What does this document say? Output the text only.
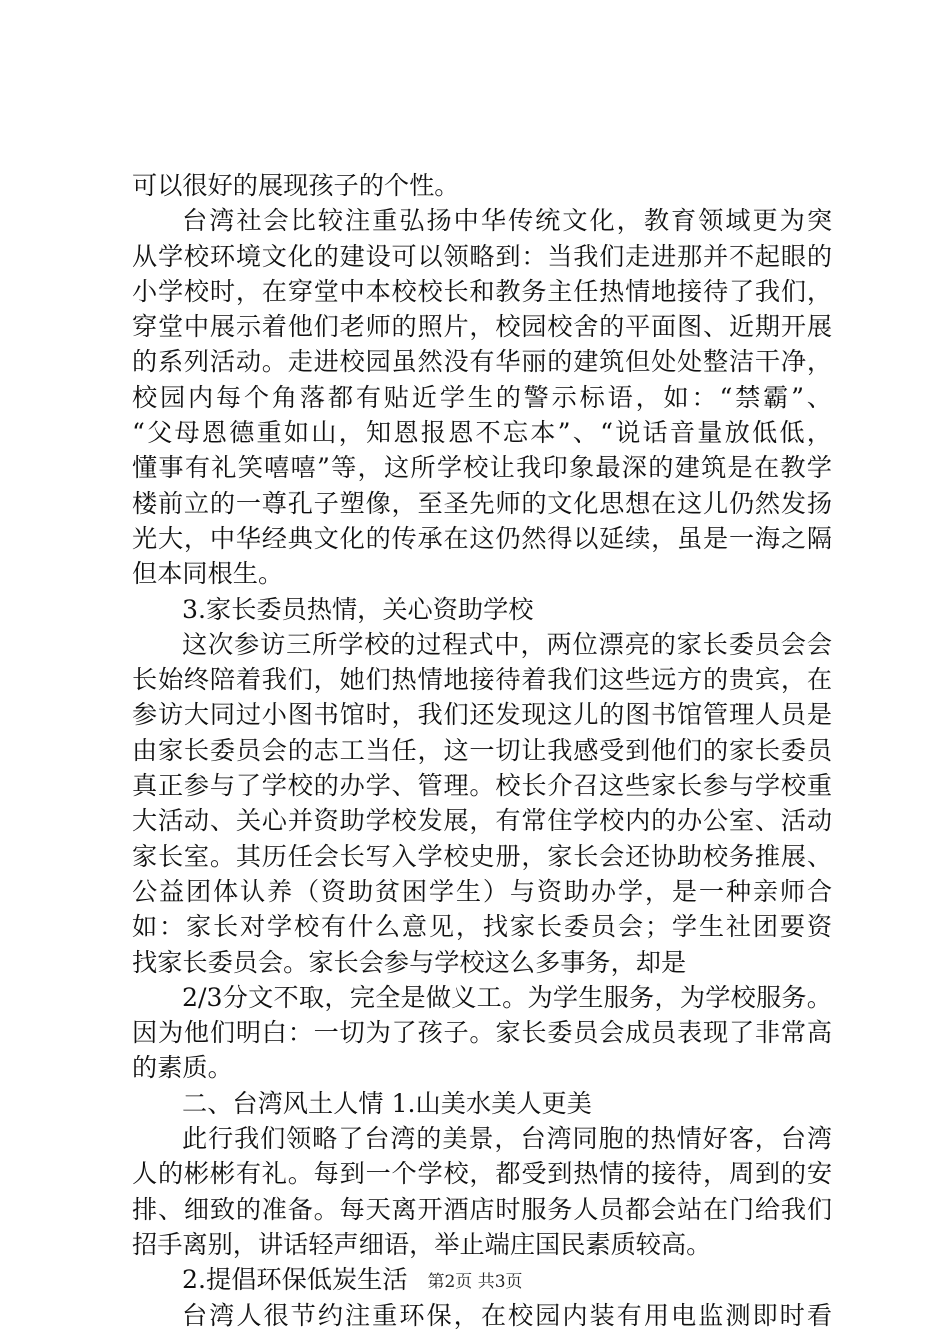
可以很好的展现孩子的个性。
台湾社会比较注重弘扬中华传统文化，教育领域更为突
从学校环境文化的建设可以领略到：当我们走进那并不起眼的
小学校时，在穿堂中本校校长和教务主任热情地接待了我们，
穿堂中展示着他们老师的照片，校园校舍的平面图、近期开展
的系列活动。走进校园虽然没有华丽的建筑但处处整洁干净，
校园内每个角落都有贴近学生的警示标语，如：“禁霸”、
“父母恩德重如山，知恩报恩不忘本”、“说话音量放低低，
懂事有礼笑嘻嘻”等，这所学校让我印象最深的建筑是在教学
楼前立的一尊孔子塑像，至圣先师的文化思想在这儿仍然发扬
光大，中华经典文化的传承在这仍然得以延续，虽是一海之隔
但本同根生。
3.家长委员热情，关心资助学校
这次参访三所学校的过程式中，两位漂亮的家长委员会会
长始终陪着我们，她们热情地接待着我们这些远方的贵宾，在
参访大同过小图书馆时，我们还发现这儿的图书馆管理人员是
由家长委员会的志工当任，这一切让我感受到他们的家长委员
真正参与了学校的办学、管理。校长介召这些家长参与学校重
大活动、关心并资助学校发展，有常住学校内的办公室、活动
家长室。其历任会长写入学校史册，家长会还协助校务推展、
公益团体认养（资助贫困学生）与资助办学，是一种亲师合
如：家长对学校有什么意见，找家长委员会；学生社团要资
找家长委员会。家长会参与学校这么多事务，却是
2/3分文不取，完全是做义工。为学生服务，为学校服务。
因为他们明白：一切为了孩子。家长委员会成员表现了非常高
的素质。
二、台湾风土人情 1.山美水美人更美
此行我们领略了台湾的美景，台湾同胞的热情好客，台湾
人的彬彬有礼。每到一个学校，都受到热情的接待，周到的安
排、细致的准备。每天离开酒店时服务人员都会站在门给我们
招手离别，讲话轻声细语，举止端庄国民素质较高。
2.提倡环保低炭生活
台湾人很节约注重环保，在校园内装有用电监测即时看
第2页 共3页
